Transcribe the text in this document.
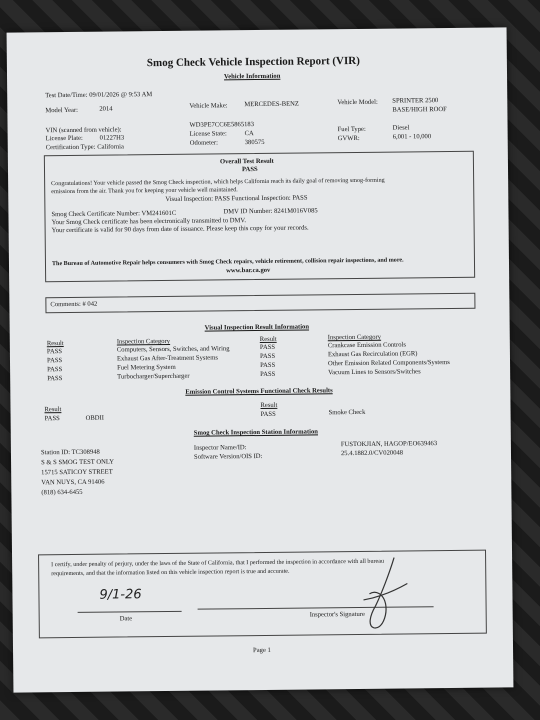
Smog Check Vehicle Inspection Report (VIR)
Vehicle Information
Test Date/Time: 09/01/2026 @ 9:53 AM
Model Year:	2014	Vehicle Make:	MERCEDES-BENZ	Vehicle Model: SPRINTER 2500
BASE/HIGH ROOF
VIN (scanned from vehicle):
WD3PE7CC6E5865183
License Plate:	01227H3
License State:	CA
Fuel Type:	Diesel
Certification Type: California
Odometer:	380575
GVWR:	6,001 - 10,000
Overall Test Result
PASS
Congratulations! Your vehicle passed the Smog Check inspection, which helps California reach its daily goal of removing smog-forming
emissions from the air. Thank you for keeping your vehicle well maintained.
Visual Inspection: PASS Functional Inspection: PASS
Smog Check Certificate Number: VM241601C	DMV ID Number: 8241M016V085
Your Smog Check certificate has been electronically transmitted to DMV.
Your certificate is valid for 90 days from date of issuance. Please keep this copy for your records.
The Bureau of Automotive Repair helps consumers with Smog Check repairs, vehicle retirement, collision repair inspections, and more.
www.bar.ca.gov
Comments: # 042
Visual Inspection Result Information
Result	Inspection Category	Result	Inspection Category
PASS	Computers, Sensors, Switches, and Wiring
PASS	Exhaust Gas After-Treatment Systems
PASS	Fuel Metering System
PASS	Turbocharger/Supercharger
PASS	Crankcase Emission Controls
PASS	Exhaust Gas Recirculation (EGR)
PASS	Other Emission Related Components/Systems
PASS	Vacuum Lines to Sensors/Switches
Emission Control Systems Functional Check Results
Result
Result
PASS	OBDII
PASS	Smoke Check
Smog Check Inspection Station Information
Station ID: TC308948
S & S SMOG TEST ONLY
15715 SATICOY STREET
VAN NUYS, CA 91406
(818) 634-6455
Inspector Name/ID:	FUSTOKJIAN, HAGOP/EO639463
Software Version/OIS ID:	25.4.1882.0/CV020048
I certify, under penalty of perjury, under the laws of the State of California, that I performed the inspection in accordance with all bureau
requirements, and that the information listed on this vehicle inspection report is true and accurate.
9/1-26
Date
Inspector's Signature
Page 1
